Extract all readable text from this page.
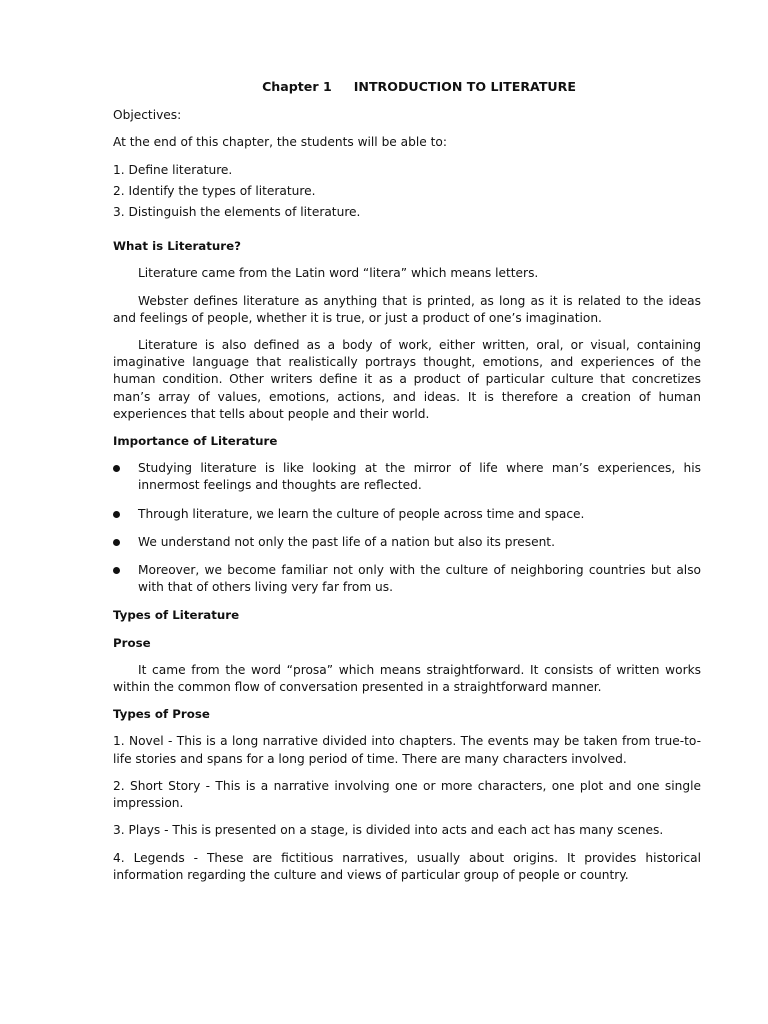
Chapter 1 INTRODUCTION TO LITERATURE

Objectives:

At the end of this chapter, the students will be able to:

1. Define literature.

2. Identify the types of literature.

3. Distinguish the elements of literature.

What is Literature?

Literature came from the Latin word “litera” which means letters.

Webster defines literature as anything that is printed, as long as it is related to the ideas and feelings of people, whether it is true, or just a product of one’s imagination.

Literature is also defined as a body of work, either written, oral, or visual, containing imaginative language that realistically portrays thought, emotions, and experiences of the human condition. Other writers define it as a product of particular culture that concretizes man’s array of values, emotions, actions, and ideas. It is therefore a creation of human experiences that tells about people and their world.

Importance of Literature
Studying literature is like looking at the mirror of life where man’s experiences, his innermost feelings and thoughts are reflected.
Through literature, we learn the culture of people across time and space.
We understand not only the past life of a nation but also its present.
Moreover, we become familiar not only with the culture of neighboring countries but also with that of others living very far from us.
Types of Literature
Prose

It came from the word “prosa” which means straightforward. It consists of written works within the common flow of conversation presented in a straightforward manner.

Types of Prose

1. Novel - This is a long narrative divided into chapters. The events may be taken from true-to-life stories and spans for a long period of time. There are many characters involved.

2. Short Story - This is a narrative involving one or more characters, one plot and one single impression.

3. Plays - This is presented on a stage, is divided into acts and each act has many scenes.

4. Legends - These are fictitious narratives, usually about origins. It provides historical information regarding the culture and views of particular group of people or country.
